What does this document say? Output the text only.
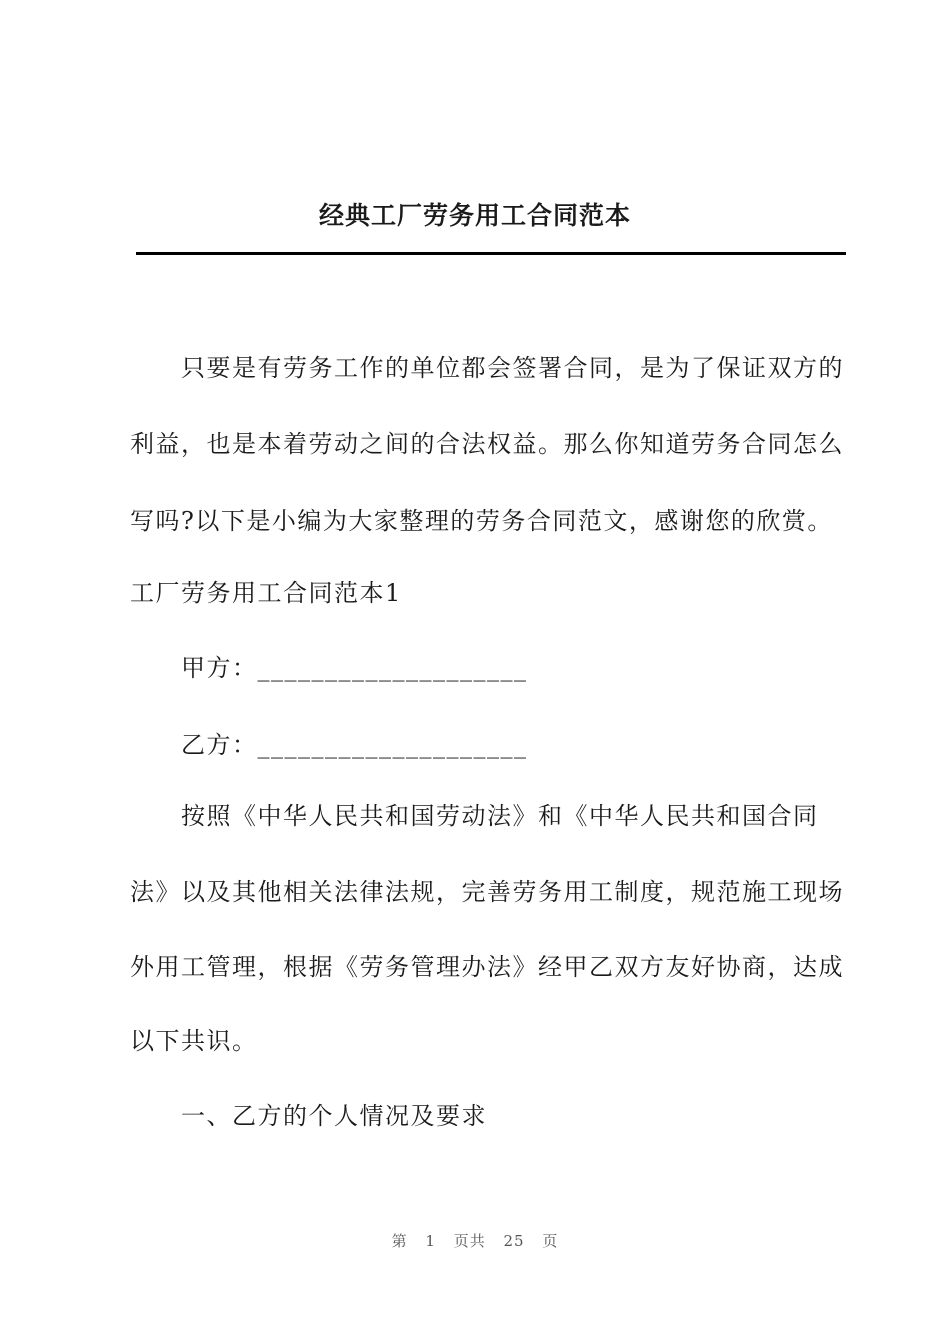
经典工厂劳务用工合同范本
只要是有劳务工作的单位都会签署合同，是为了保证双方的
利益，也是本着劳动之间的合法权益。那么你知道劳务合同怎么
写吗?以下是小编为大家整理的劳务合同范文，感谢您的欣赏。
工厂劳务用工合同范本1
甲方：____________________
乙方：____________________
按照《中华人民共和国劳动法》和《中华人民共和国合同
法》以及其他相关法律法规，完善劳务用工制度，规范施工现场
外用工管理，根据《劳务管理办法》经甲乙双方友好协商，达成
以下共识。
一、乙方的个人情况及要求
第 1 页共 25 页
